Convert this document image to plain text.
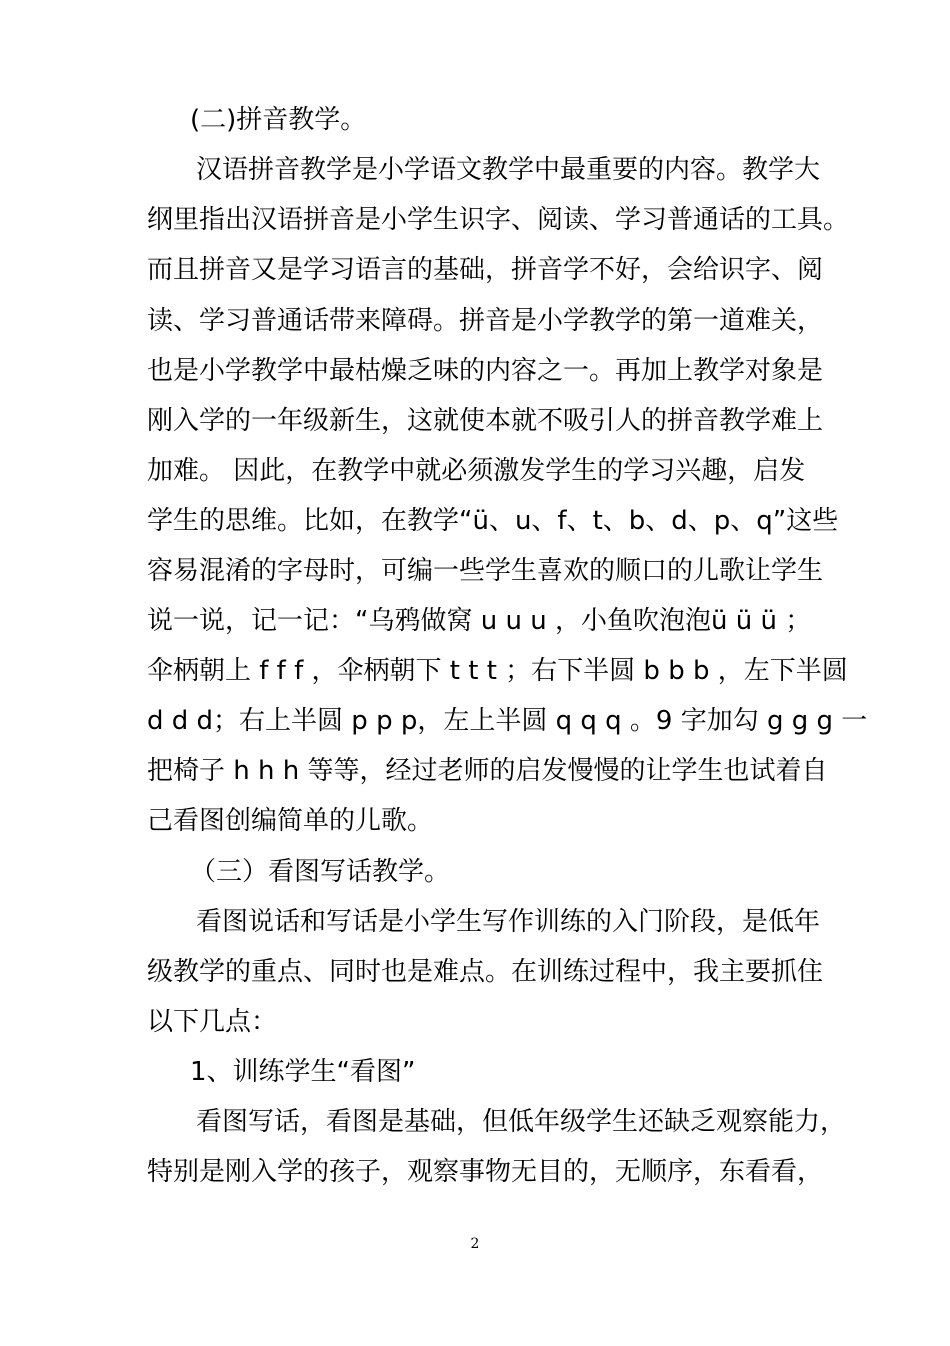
(二)拼音教学。
汉语拼音教学是小学语文教学中最重要的内容。教学大
纲里指出汉语拼音是小学生识字、阅读、学习普通话的工具。
而且拼音又是学习语言的基础，拼音学不好，会给识字、阅
读、学习普通话带来障碍。拼音是小学教学的第一道难关，
也是小学教学中最枯燥乏味的内容之一。再加上教学对象是
刚入学的一年级新生，这就使本就不吸引人的拼音教学难上
加难。 因此，在教学中就必须激发学生的学习兴趣，启发
学生的思维。比如，在教学“ü、u、f、t、b、d、p、q”这些
容易混淆的字母时，可编一些学生喜欢的顺口的儿歌让学生
说一说，记一记：“乌鸦做窝 u u u ，小鱼吹泡泡ü ü ü ；
伞柄朝上 f f f ，伞柄朝下 t t t ；右下半圆 b b b ，左下半圆
d d d；右上半圆 p p p，左上半圆 q q q 。9 字加勾 g g g 一
把椅子 h h h 等等，经过老师的启发慢慢的让学生也试着自
己看图创编简单的儿歌。
（三）看图写话教学。
看图说话和写话是小学生写作训练的入门阶段，是低年
级教学的重点、同时也是难点。在训练过程中，我主要抓住
以下几点：
1、训练学生“看图”
看图写话，看图是基础，但低年级学生还缺乏观察能力，
特别是刚入学的孩子，观察事物无目的，无顺序，东看看，
2
